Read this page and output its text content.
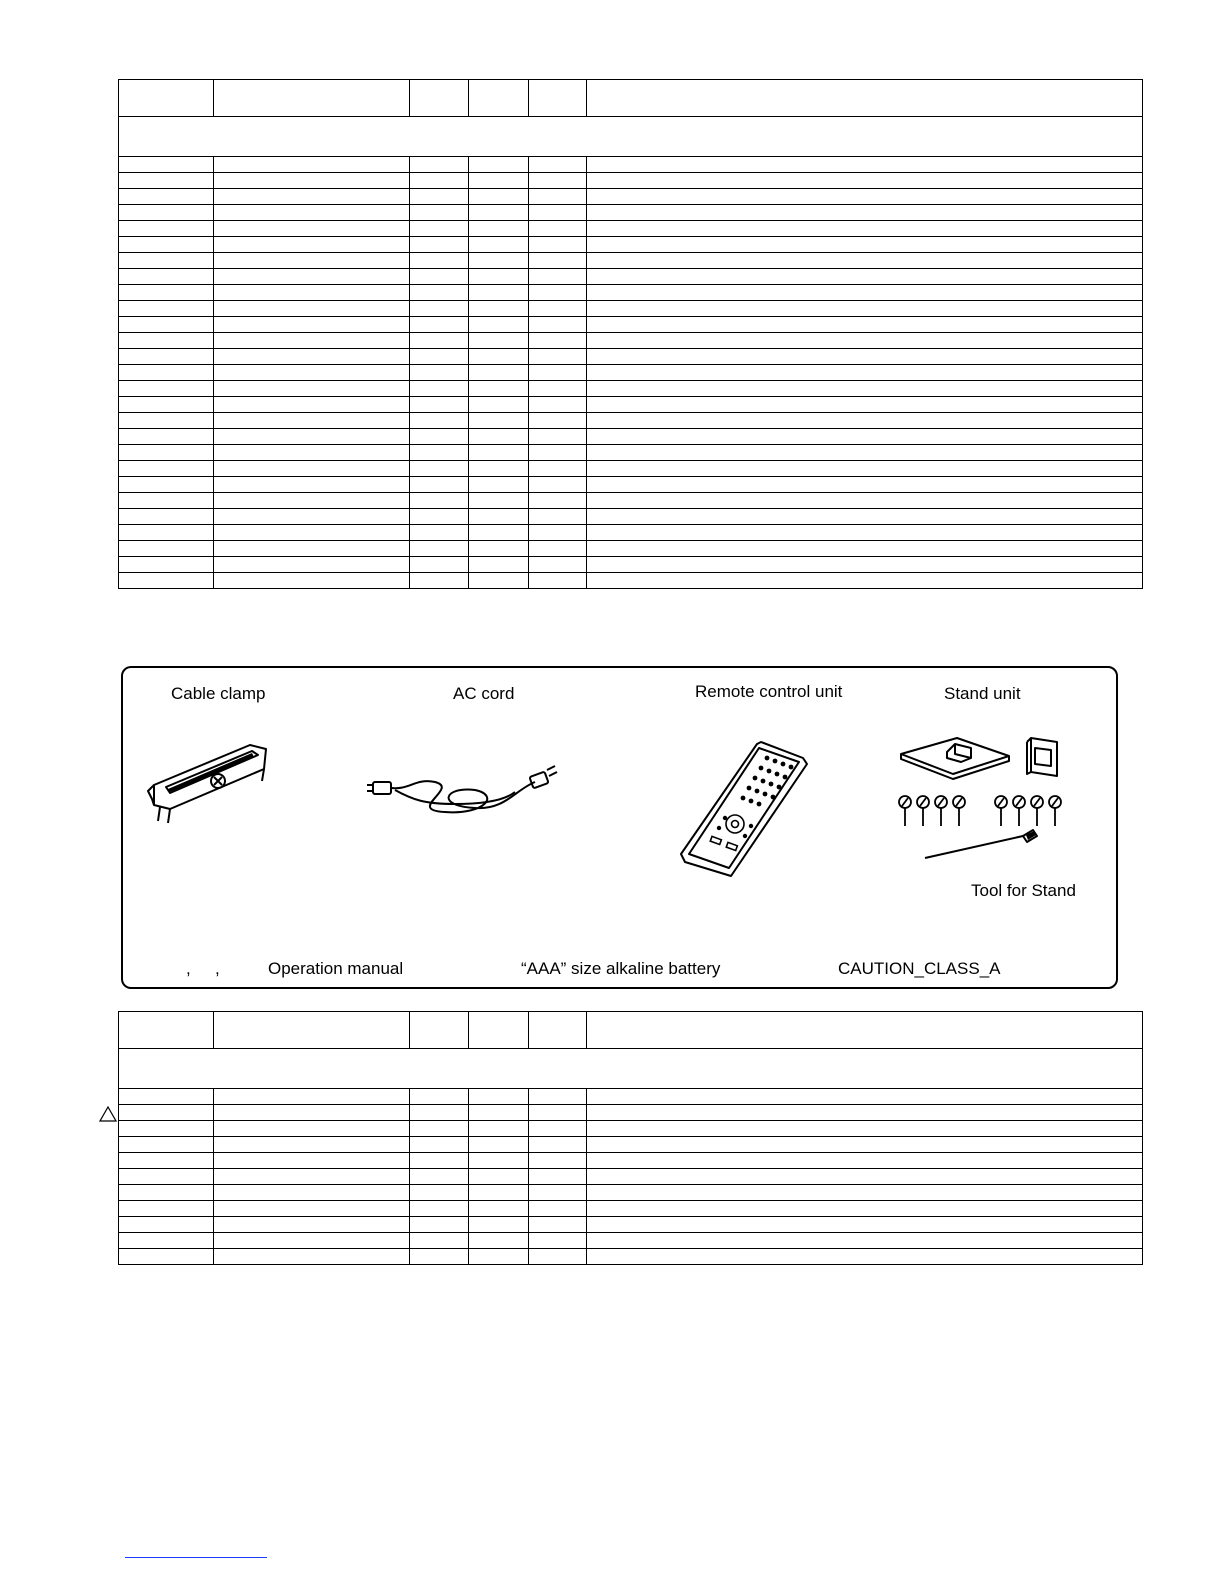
Cable clamp	AC cord	Remote control unit	Stand unit
Tool for Stand
, ,	Operation manual	“AAA” size alkaline battery	CAUTION_CLASS_A
